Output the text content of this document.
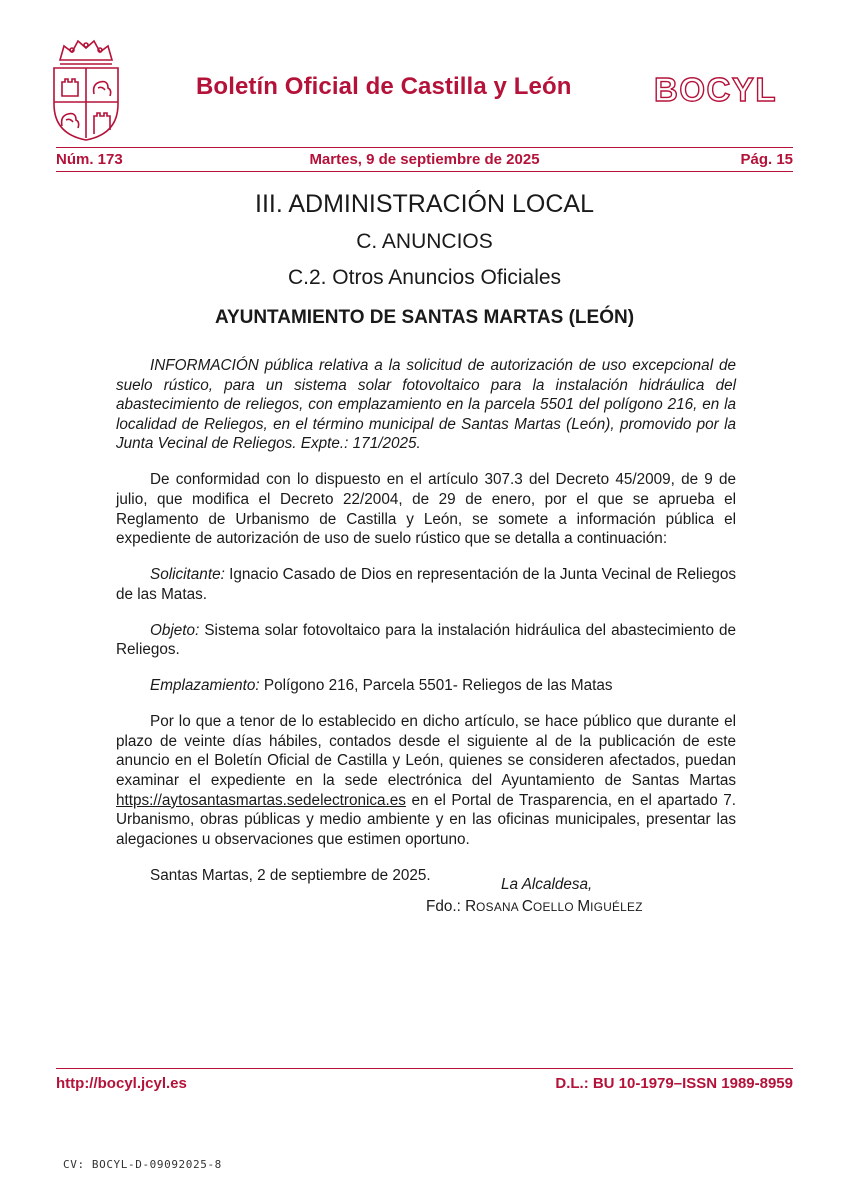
Boletín Oficial de Castilla y León	BOCYL
Núm. 173	Martes, 9 de septiembre de 2025	Pág. 15
III. ADMINISTRACIÓN LOCAL
C. ANUNCIOS
C.2. Otros Anuncios Oficiales
AYUNTAMIENTO DE SANTAS MARTAS (LEÓN)

INFORMACIÓN pública relativa a la solicitud de autorización de uso excepcional de suelo rústico, para un sistema solar fotovoltaico para la instalación hidráulica del abastecimiento de reliegos, con emplazamiento en la parcela 5501 del polígono 216, en la localidad de Reliegos, en el término municipal de Santas Martas (León), promovido por la Junta Vecinal de Reliegos. Expte.: 171/2025.

De conformidad con lo dispuesto en el artículo 307.3 del Decreto 45/2009, de 9 de julio, que modifica el Decreto 22/2004, de 29 de enero, por el que se aprueba el Reglamento de Urbanismo de Castilla y León, se somete a información pública el expediente de autorización de uso de suelo rústico que se detalla a continuación:

Solicitante: Ignacio Casado de Dios en representación de la Junta Vecinal de Reliegos de las Matas.

Objeto: Sistema solar fotovoltaico para la instalación hidráulica del abastecimiento de Reliegos.

Emplazamiento: Polígono 216, Parcela 5501- Reliegos de las Matas

Por lo que a tenor de lo establecido en dicho artículo, se hace público que durante el plazo de veinte días hábiles, contados desde el siguiente al de la publicación de este anuncio en el Boletín Oficial de Castilla y León, quienes se consideren afectados, puedan examinar el expediente en la sede electrónica del Ayuntamiento de Santas Martas https://aytosantasmartas.sedelectronica.es en el Portal de Trasparencia, en el apartado 7. Urbanismo, obras públicas y medio ambiente y en las oficinas municipales, presentar las alegaciones u observaciones que estimen oportuno.

Santas Martas, 2 de septiembre de 2025.

La Alcaldesa,
Fdo.: ROSANA COELLO MIGUÉLEZ
http://bocyl.jcyl.es	D.L.: BU 10-1979–ISSN 1989-8959
CV: BOCYL-D-09092025-8
